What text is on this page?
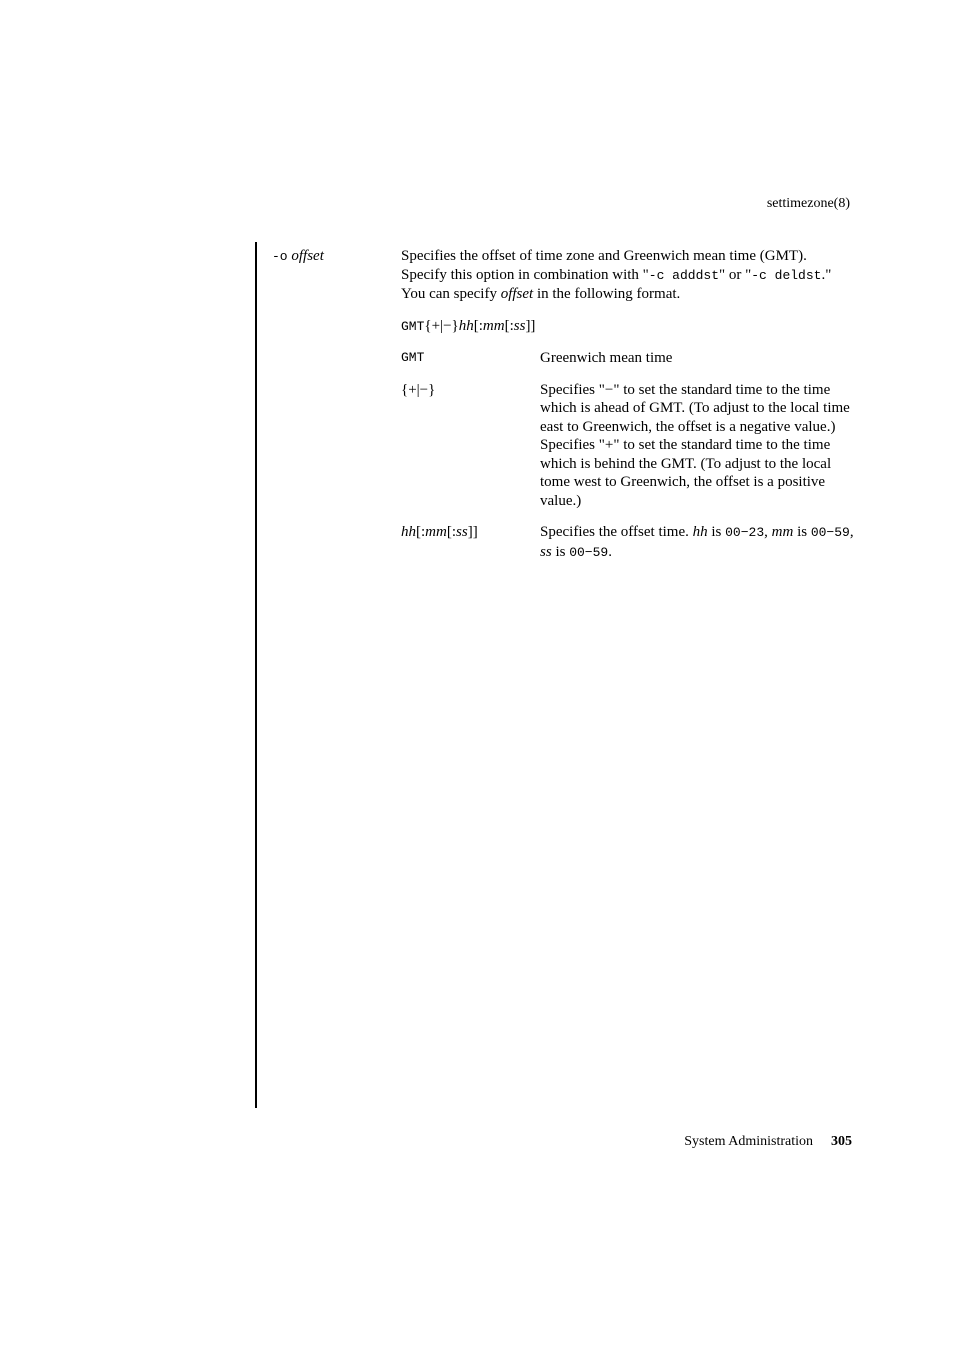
settimezone(8)
-o offset	Specifies the offset of time zone and Greenwich mean time (GMT). Specify this option in combination with "-c adddst" or "-c deldst." You can specify offset in the following format.

GMT{+|−}hh[:mm[:ss]]

GMT	Greenwich mean time
{+|−}	Specifies "−" to set the standard time to the time which is ahead of GMT. (To adjust to the local time east to Greenwich, the offset is a negative value.) Specifies "+" to set the standard time to the time which is behind the GMT. (To adjust to the local tome west to Greenwich, the offset is a positive value.)
hh[:mm[:ss]]	Specifies the offset time. hh is 00−23, mm is 00−59, ss is 00−59.
System Administration 305
